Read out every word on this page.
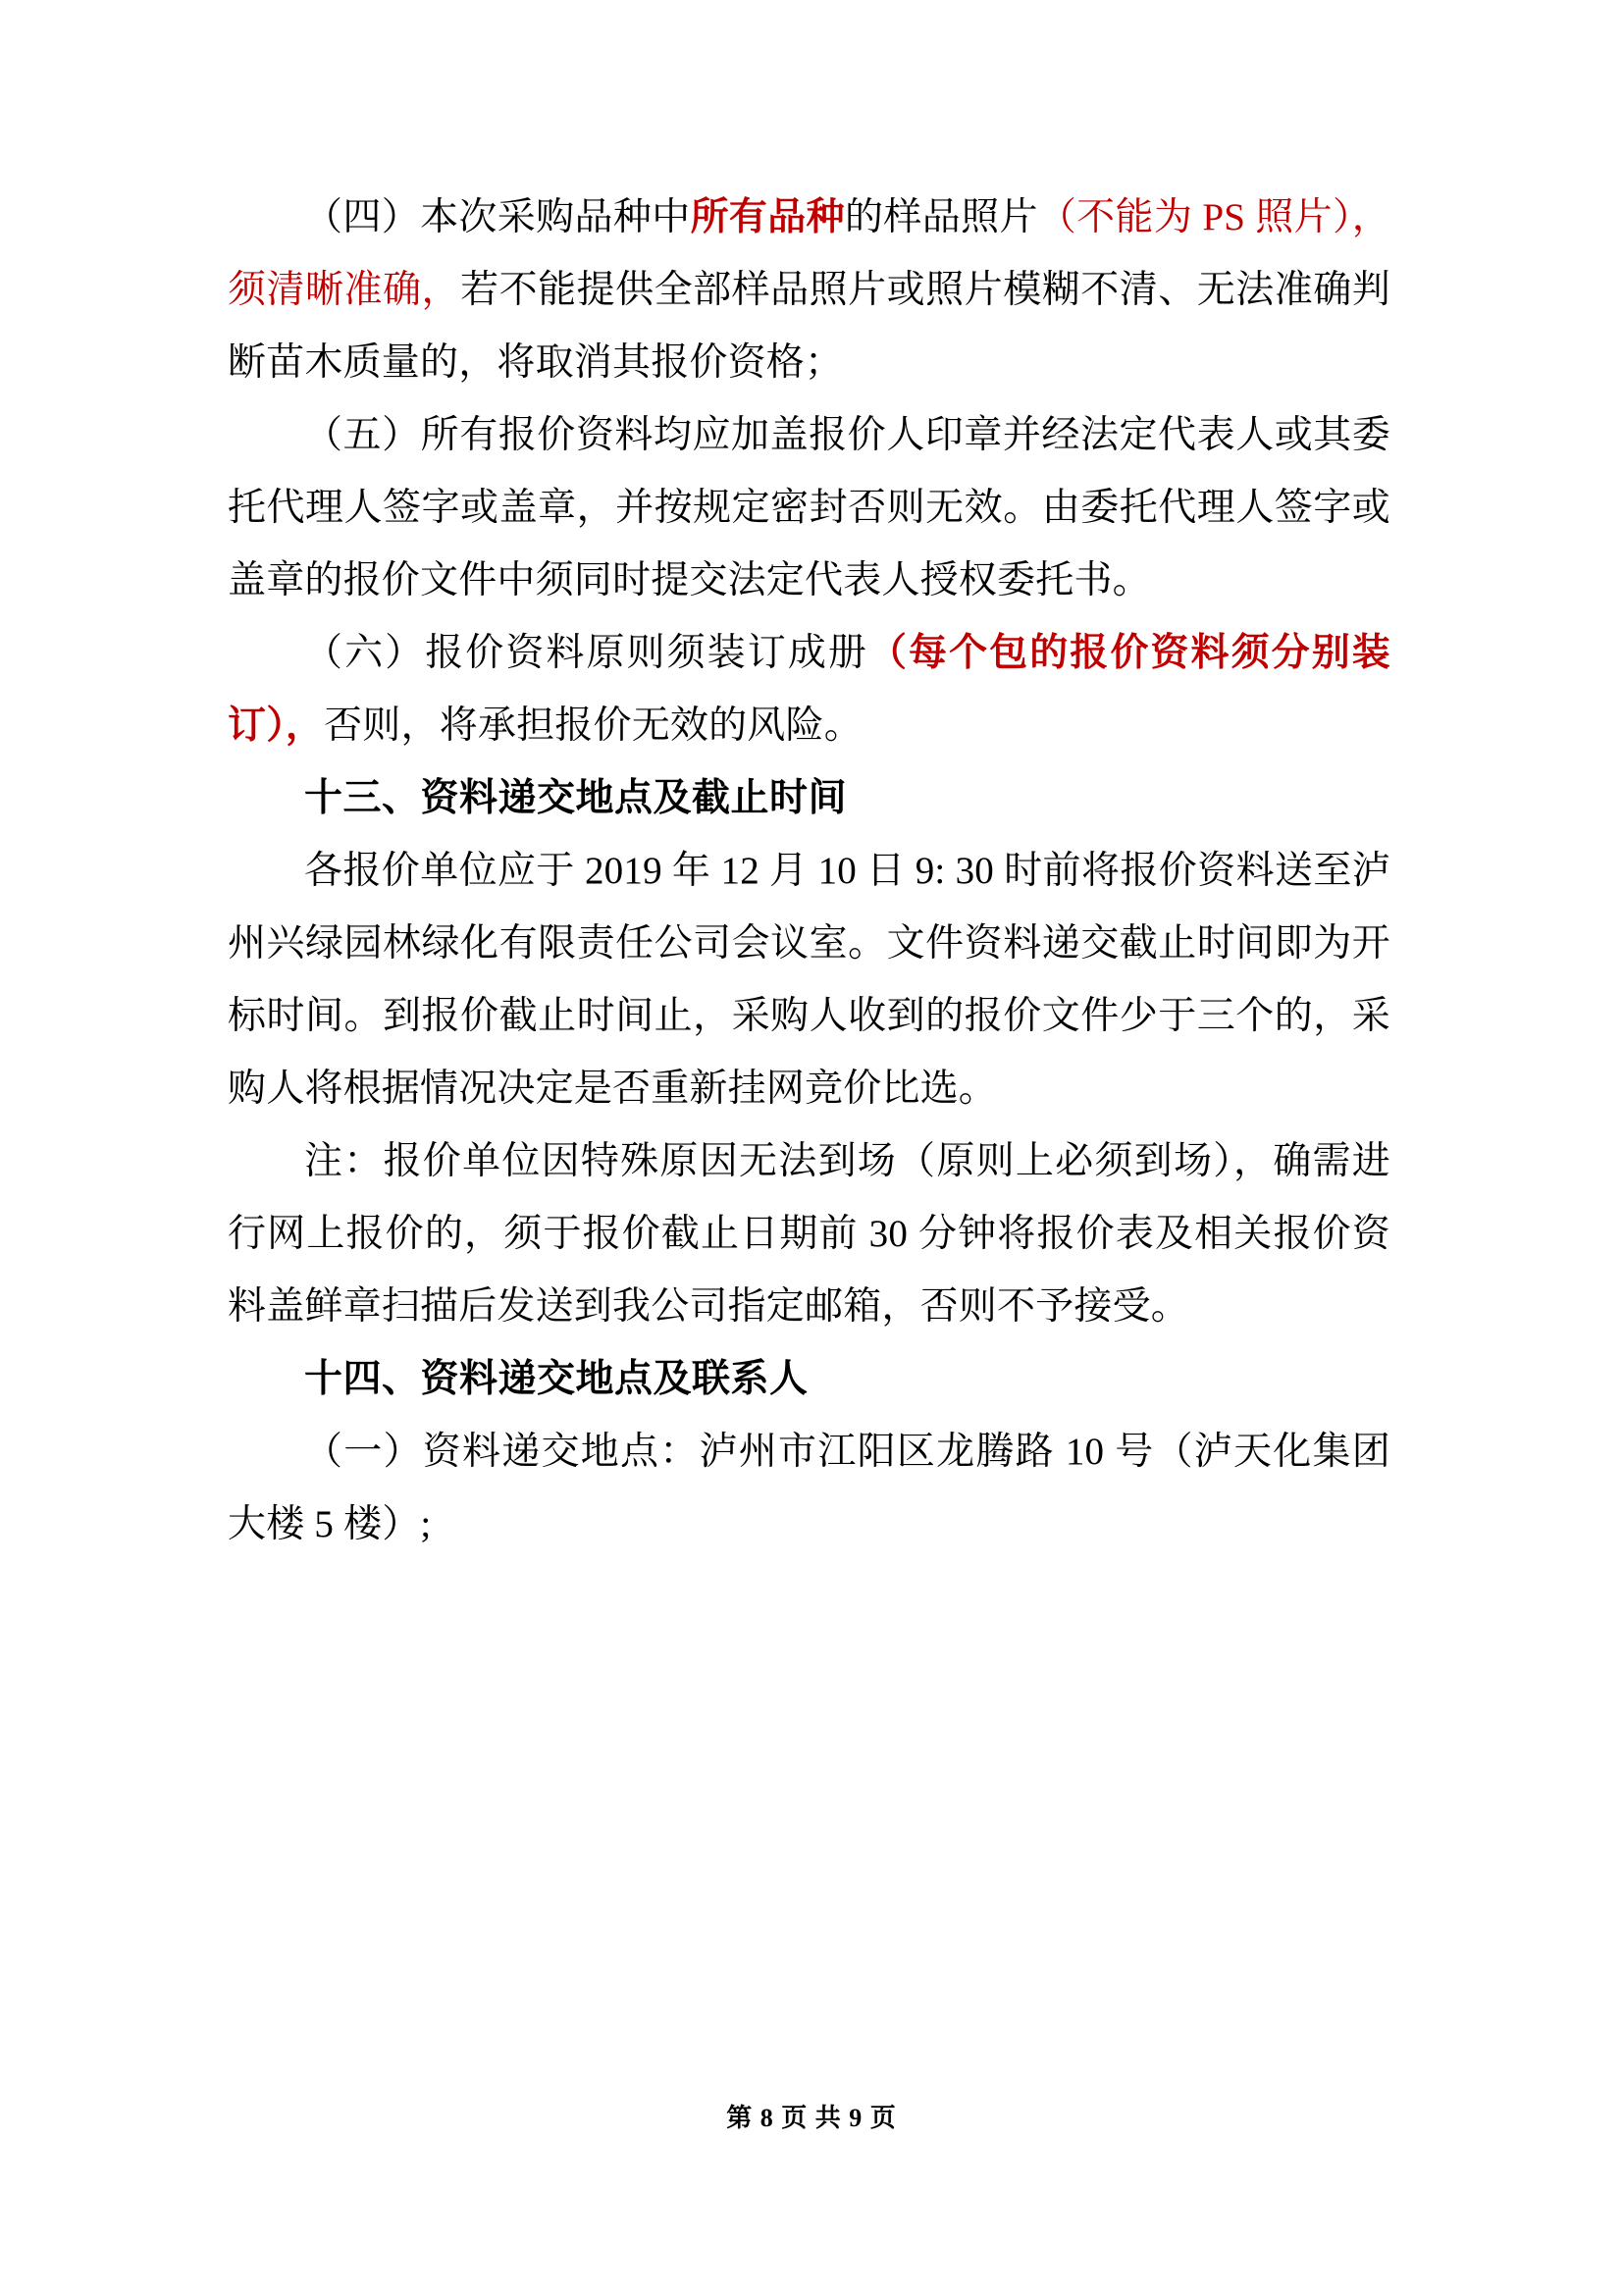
（四）本次采购品种中所有品种的样品照片（不能为 PS 照片），须清晰准确，若不能提供全部样品照片或照片模糊不清、无法准确判断苗木质量的，将取消其报价资格；

（五）所有报价资料均应加盖报价人印章并经法定代表人或其委托代理人签字或盖章，并按规定密封否则无效。由委托代理人签字或盖章的报价文件中须同时提交法定代表人授权委托书。

（六）报价资料原则须装订成册（每个包的报价资料须分别装订），否则，将承担报价无效的风险。

十三、资料递交地点及截止时间

各报价单位应于 2019 年 12 月 10 日 9: 30 时前将报价资料送至泸州兴绿园林绿化有限责任公司会议室。文件资料递交截止时间即为开标时间。到报价截止时间止，采购人收到的报价文件少于三个的，采购人将根据情况决定是否重新挂网竞价比选。

注：报价单位因特殊原因无法到场（原则上必须到场），确需进行网上报价的，须于报价截止日期前 30 分钟将报价表及相关报价资料盖鲜章扫描后发送到我公司指定邮箱，否则不予接受。

十四、资料递交地点及联系人

（一）资料递交地点：泸州市江阳区龙腾路 10 号（泸天化集团大楼 5 楼）;

第 8 页 共 9 页
